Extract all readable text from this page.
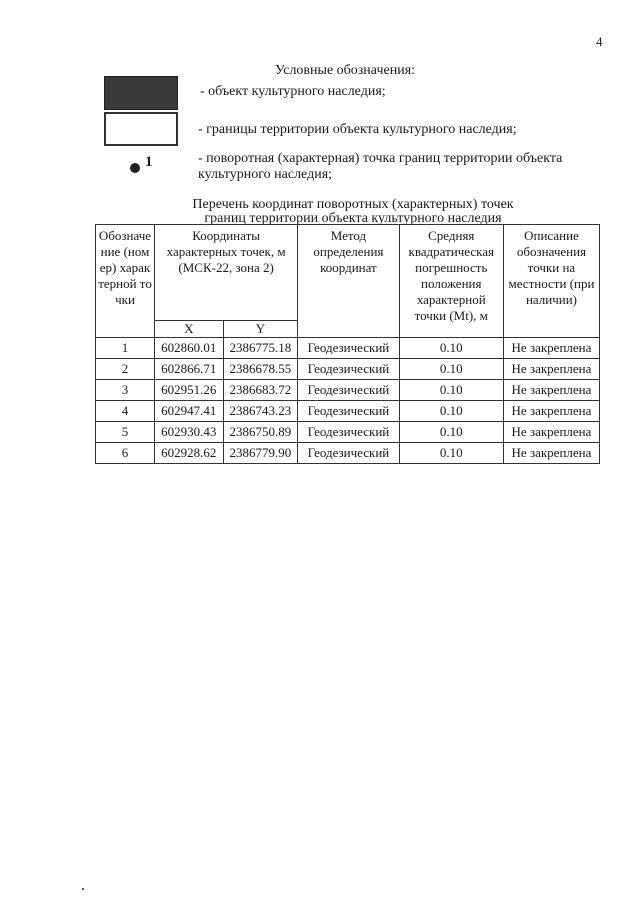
4
Условные обозначения:
- объект культурного наследия;
- границы территории объекта культурного наследия;
1	- поворотная (характерная) точка границ территории объекта культурного наследия;
Перечень координат поворотных (характерных) точек
границ территории объекта культурного наследия
Обозначение (номер) характерной точки	Координаты характерных точек, м (МСК-22, зона 2)		Метод определения координат	Средняя квадратическая погрешность положения характерной точки (Mt), м	Описание обозначения точки на местности (при наличии)
	X	Y			
1	602860.01	2386775.18	Геодезический	0.10	Не закреплена
2	602866.71	2386678.55	Геодезический	0.10	Не закреплена
3	602951.26	2386683.72	Геодезический	0.10	Не закреплена
4	602947.41	2386743.23	Геодезический	0.10	Не закреплена
5	602930.43	2386750.89	Геодезический	0.10	Не закреплена
6	602928.62	2386779.90	Геодезический	0.10	Не закреплена
